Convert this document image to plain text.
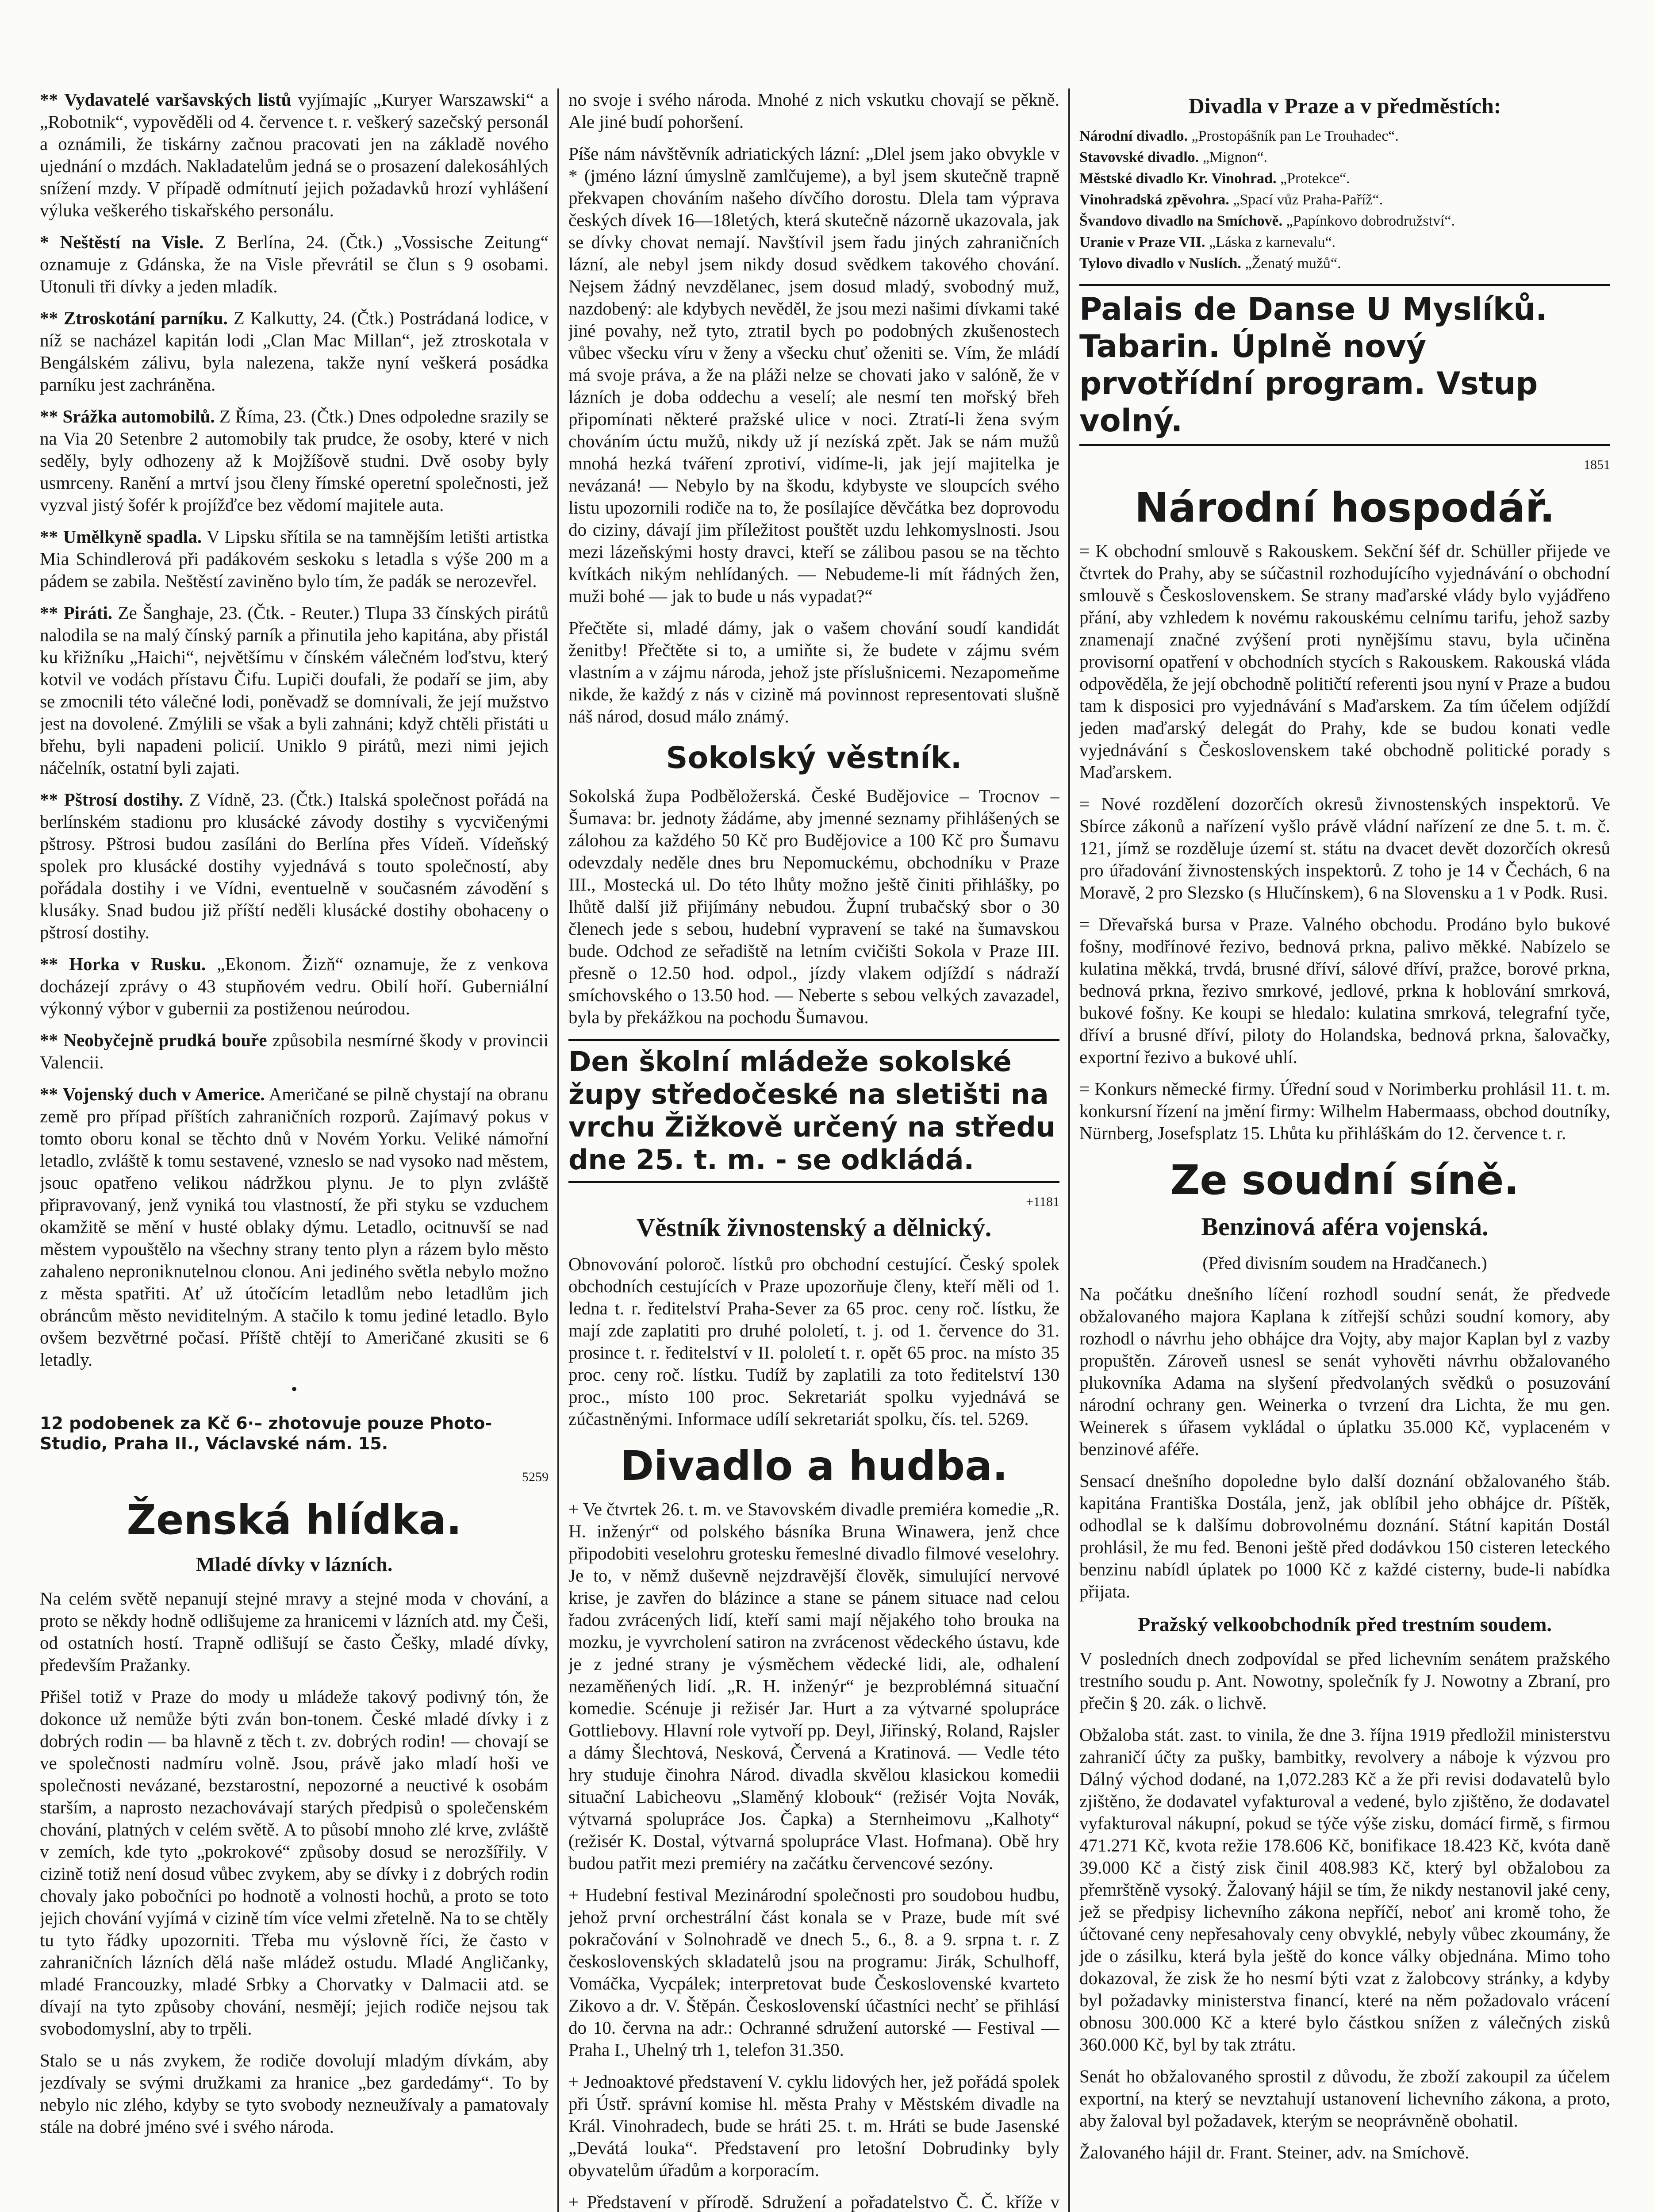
** Vydavatelé varšavských listů vyjímajíc „Kuryer Warszawski“ a „Robotnik“, vypověděli od 4. července t. r. veškerý sazečský personál a oznámili, že tiskárny začnou pracovati jen na základě nového ujednání o mzdách. Nakladatelům jedná se o prosazení dalekosáhlých snížení mzdy. V případě odmítnutí jejich požadavků hrozí vyhlášení výluka veškerého tiskařského personálu.

* Neštěstí na Visle. Z Berlína, 24. (Čtk.) „Vossische Zeitung“ oznamuje z Gdánska, že na Visle převrátil se člun s 9 osobami. Utonuli tři dívky a jeden mladík.

** Ztroskotání parníku. Z Kalkutty, 24. (Čtk.) Postrádaná lodice, v níž se nacházel kapitán lodi „Clan Mac Millan“, jež ztroskotala v Bengálském zálivu, byla nalezena, takže nyní veškerá posádka parníku jest zachráněna.

** Srážka automobilů. Z Říma, 23. (Čtk.) Dnes odpoledne srazily se na Via 20 Setenbre 2 automobily tak prudce, že osoby, které v nich seděly, byly odhozeny až k Mojžíšově studni. Dvě osoby byly usmrceny. Ranění a mrtví jsou členy římské operetní společnosti, jež vyzval jistý šofér k projížďce bez vědomí majitele auta.

** Umělkyně spadla. V Lipsku sřítila se na tamnějším letišti artistka Mia Schindlerová při padákovém seskoku s letadla s výše 200 m a pádem se zabila. Neštěstí zaviněno bylo tím, že padák se nerozevřel.

** Piráti. Ze Šanghaje, 23. (Čtk. - Reuter.) Tlupa 33 čínských pirátů nalodila se na malý čínský parník a přinutila jeho kapitána, aby přistál ku křižníku „Haichi“, největšímu v čínském válečném loďstvu, který kotvil ve vodách přístavu Čifu. Lupiči doufali, že podaří se jim, aby se zmocnili této válečné lodi, poněvadž se domnívali, že její mužstvo jest na dovolené. Zmýlili se však a byli zahnáni; když chtěli přistáti u břehu, byli napadeni policií. Uniklo 9 pirátů, mezi nimi jejich náčelník, ostatní byli zajati.

** Pštrosí dostihy. Z Vídně, 23. (Čtk.) Italská společnost pořádá na berlínském stadionu pro klusácké závody dostihy s vycvičenými pštrosy. Pštrosi budou zasíláni do Berlína přes Vídeň. Vídeňský spolek pro klusácké dostihy vyjednává s touto společností, aby pořádala dostihy i ve Vídni, eventuelně v současném závodění s klusáky. Snad budou již příští neděli klusácké dostihy obohaceny o pštrosí dostihy.

** Horka v Rusku. „Ekonom. Žizň“ oznamuje, že z venkova docházejí zprávy o 43 stupňovém vedru. Obilí hoří. Guberniální výkonný výbor v gubernii za postiženou neúrodou.

** Neobyčejně prudká bouře způsobila nesmírné škody v provincii Valencii.

** Vojenský duch v Americe. Američané se pilně chystají na obranu země pro případ příštích zahraničních rozporů. Zajímavý pokus v tomto oboru konal se těchto dnů v Novém Yorku. Veliké námořní letadlo, zvláště k tomu sestavené, vzneslo se nad vysoko nad městem, jsouc opatřeno velikou nádržkou plynu. Je to plyn zvláště připravovaný, jenž vyniká tou vlastností, že při styku se vzduchem okamžitě se mění v husté oblaky dýmu. Letadlo, ocitnuvší se nad městem vypouštělo na všechny strany tento plyn a rázem bylo město zahaleno neproniknutelnou clonou. Ani jediného světla nebylo možno z města spatřiti. Ať už útočícím letadlům nebo letadlům jich obráncům město neviditelným. A stačilo k tomu jediné letadlo. Bylo ovšem bezvětrné počasí. Příště chtějí to Američané zkusiti se 6 letadly.

•
12 podobenek za Kč 6·– zhotovuje pouze Photo-Studio, Praha II., Václavské nám. 15.
5259
Ženská hlídka.
Mladé dívky v lázních.

Na celém světě nepanují stejné mravy a stejné moda v chování, a proto se někdy hodně odlišujeme za hranicemi v lázních atd. my Češi, od ostatních hostí. Trapně odlišují se často Češky, mladé dívky, především Pražanky.

Přišel totiž v Praze do mody u mládeže takový podivný tón, že dokonce už nemůže býti zván bon-tonem. České mladé dívky i z dobrých rodin — ba hlavně z těch t. zv. dobrých rodin! — chovají se ve společnosti nadmíru volně. Jsou, právě jako mladí hoši ve společnosti nevázané, bezstarostní, nepozorné a neuctivé k osobám starším, a naprosto nezachovávají starých předpisů o společenském chování, platných v celém světě. A to působí mnoho zlé krve, zvláště v zemích, kde tyto „pokrokové“ způsoby dosud se nerozšířily. V cizině totiž není dosud vůbec zvykem, aby se dívky i z dobrých rodin chovaly jako pobočníci po hodnotě a volnosti hochů, a proto se toto jejich chování vyjímá v cizině tím více velmi zřetelně. Na to se chtěly tu tyto řádky upozorniti. Třeba mu výslovně říci, že často v zahraničních lázních dělá naše mládež ostudu. Mladé Angličanky, mladé Francouzky, mladé Srbky a Chorvatky v Dalmacii atd. se dívají na tyto způsoby chování, nesmějí; jejich rodiče nejsou tak svobodomyslní, aby to trpěli.

Stalo se u nás zvykem, že rodiče dovolují mladým dívkám, aby jezdívaly se svými družkami za hranice „bez gardedámy“. To by nebylo nic zlého, kdyby se tyto svobody nezneužívaly a pamatovaly stále na dobré jméno své i svého národa.

no svoje i svého národa. Mnohé z nich vskutku chovají se pěkně. Ale jiné budí pohoršení.

Píše nám návštěvník adriatických lázní: „Dlel jsem jako obvykle v * (jméno lázní úmyslně zamlčujeme), a byl jsem skutečně trapně překvapen chováním našeho dívčího dorostu. Dlela tam výprava českých dívek 16—18letých, která skutečně názorně ukazovala, jak se dívky chovat nemají. Navštívil jsem řadu jiných zahraničních lázní, ale nebyl jsem nikdy dosud svědkem takového chování. Nejsem žádný nevzdělanec, jsem dosud mladý, svobodný muž, nazdobený: ale kdybych nevěděl, že jsou mezi našimi dívkami také jiné povahy, než tyto, ztratil bych po podobných zkušenostech vůbec všecku víru v ženy a všecku chuť oženiti se. Vím, že mládí má svoje práva, a že na pláži nelze se chovati jako v salóně, že v lázních je doba oddechu a veselí; ale nesmí ten mořský břeh připomínati některé pražské ulice v noci. Ztratí-li žena svým chováním úctu mužů, nikdy už jí nezíská zpět. Jak se nám mužů mnohá hezká tváření zprotiví, vidíme-li, jak její majitelka je nevázaná! — Nebylo by na škodu, kdybyste ve sloupcích svého listu upozornili rodiče na to, že posílajíce děvčátka bez doprovodu do ciziny, dávají jim příležitost pouštět uzdu lehkomyslnosti. Jsou mezi lázeňskými hosty dravci, kteří se zálibou pasou se na těchto kvítkách nikým nehlídaných. — Nebudeme-li mít řádných žen, muži bohé — jak to bude u nás vypadat?“

Přečtěte si, mladé dámy, jak o vašem chování soudí kandidát ženitby! Přečtěte si to, a umiňte si, že budete v zájmu svém vlastním a v zájmu národa, jehož jste příslušnicemi. Nezapomeňme nikde, že každý z nás v cizině má povinnost representovati slušně náš národ, dosud málo známý.

Sokolský věstník.

Sokolská župa Podběložerská. České Budějovice – Trocnov – Šumava: br. jednoty žádáme, aby jmenné seznamy přihlášených se zálohou za každého 50 Kč pro Budějovice a 100 Kč pro Šumavu odevzdaly neděle dnes bru Nepomuckému, obchodníku v Praze III., Mostecká ul. Do této lhůty možno ještě činiti přihlášky, po lhůtě další již přijímány nebudou. Župní trubačský sbor o 30 členech jede s sebou, hudební vypravení se také na šumavskou bude. Odchod ze seřadiště na letním cvičišti Sokola v Praze III. přesně o 12.50 hod. odpol., jízdy vlakem odjíždí s nádraží smíchovského o 13.50 hod. — Neberte s sebou velkých zavazadel, byla by překážkou na pochodu Šumavou.

Den školní mládeže sokolské župy středočeské na sletišti na vrchu Žižkově určený na středu dne 25. t. m. - se odkládá.
+1181
Věstník živnostenský a dělnický.

Obnovování poloroč. lístků pro obchodní cestující. Český spolek obchodních cestujících v Praze upozorňuje členy, kteří měli od 1. ledna t. r. ředitelství Praha-Sever za 65 proc. ceny roč. lístku, že mají zde zaplatiti pro druhé pololetí, t. j. od 1. července do 31. prosince t. r. ředitelství v II. pololetí t. r. opět 65 proc. na místo 35 proc. ceny roč. lístku. Tudíž by zaplatili za toto ředitelství 130 proc., místo 100 proc. Sekretariát spolku vyjednává se zúčastněnými. Informace udílí sekretariát spolku, čís. tel. 5269.

Divadlo a hudba.

+ Ve čtvrtek 26. t. m. ve Stavovském divadle premiéra komedie „R. H. inženýr“ od polského básníka Bruna Winawera, jenž chce připodobiti veselohru grotesku řemeslné divadlo filmové veselohry. Je to, v němž duševně nejzdravější člověk, simulující nervové krise, je zavřen do blázince a stane se pánem situace nad celou řadou zvrácených lidí, kteří sami mají nějakého toho brouka na mozku, je vyvrcholení satiron na zvrácenost vědeckého ústavu, kde je z jedné strany je výsměchem vědecké lidi, ale, odhalení nezaměňených lidí. „R. H. inženýr“ je bezproblémná situační komedie. Scénuje ji režisér Jar. Hurt a za výtvarné spolupráce Gottliebovy. Hlavní role vytvoří pp. Deyl, Jiřinský, Roland, Rajsler a dámy Šlechtová, Nesková, Červená a Kratinová. — Vedle této hry studuje činohra Národ. divadla skvělou klasickou komedii situační Labicheovu „Slaměný klobouk“ (režisér Vojta Novák, výtvarná spolupráce Jos. Čapka) a Sternheimovu „Kalhoty“ (režisér K. Dostal, výtvarná spolupráce Vlast. Hofmana). Obě hry budou patřit mezi premiéry na začátku červencové sezóny.

+ Hudební festival Mezinárodní společnosti pro soudobou hudbu, jehož první orchestrální část konala se v Praze, bude mít své pokračování v Solnohradě ve dnech 5., 6., 8. a 9. srpna t. r. Z československých skladatelů jsou na programu: Jirák, Schulhoff, Vomáčka, Vycpálek; interpretovat bude Československé kvarteto Zikovo a dr. V. Štěpán. Československí účastníci nechť se přihlásí do 10. června na adr.: Ochranné sdružení autorské — Festival — Praha I., Uhelný trh 1, telefon 31.350.

+ Jednoaktové představení V. cyklu lidových her, jež pořádá spolek při Ústř. správní komise hl. města Prahy v Městském divadle na Král. Vinohradech, bude se hráti 25. t. m. Hráti se bude Jasenské „Devátá louka“. Představení pro letošní Dobrudinky byly obyvatelům úřadům a korporacím.

+ Představení v přírodě. Sdružení a pořadatelstvo Č. Č. kříže v

Divadla v Praze a v předměstích:

Národní divadlo. „Prostopášník pan Le Trouhadec“.

Stavovské divadlo. „Mignon“.

Městské divadlo Kr. Vinohrad. „Protekce“.

Vinohradská zpěvohra. „Spací vůz Praha-Paříž“.

Švandovo divadlo na Smíchově. „Papínkovo dobrodružství“.

Uranie v Praze VII. „Láska z karnevalu“.

Tylovo divadlo v Nuslích. „Ženatý mužů“.

Palais de Danse U Myslíků. Tabarin. Úplně nový prvotřídní program. Vstup volný.
1851
Národní hospodář.

= K obchodní smlouvě s Rakouskem. Sekční šéf dr. Schüller přijede ve čtvrtek do Prahy, aby se súčastnil rozhodujícího vyjednávání o obchodní smlouvě s Československem. Se strany maďarské vlády bylo vyjádřeno přání, aby vzhledem k novému rakouskému celnímu tarifu, jehož sazby znamenají značné zvýšení proti nynějšímu stavu, byla učiněna provisorní opatření v obchodních stycích s Rakouskem. Rakouská vláda odpověděla, že její obchodně političtí referenti jsou nyní v Praze a budou tam k disposici pro vyjednávání s Maďarskem. Za tím účelem odjíždí jeden maďarský delegát do Prahy, kde se budou konati vedle vyjednávání s Československem také obchodně politické porady s Maďarskem.

= Nové rozdělení dozorčích okresů živnostenských inspektorů. Ve Sbírce zákonů a nařízení vyšlo právě vládní nařízení ze dne 5. t. m. č. 121, jímž se rozděluje území st. státu na dvacet devět dozorčích okresů pro úřadování živnostenských inspektorů. Z toho je 14 v Čechách, 6 na Moravě, 2 pro Slezsko (s Hlučínskem), 6 na Slovensku a 1 v Podk. Rusi.

= Dřevařská bursa v Praze. Valného obchodu. Prodáno bylo bukové fošny, modřínové řezivo, bednová prkna, palivo měkké. Nabízelo se kulatina měkká, trvdá, brusné dříví, sálové dříví, pražce, borové prkna, bednová prkna, řezivo smrkové, jedlové, prkna k hoblování smrková, bukové fošny. Ke koupi se hledalo: kulatina smrková, telegrafní tyče, dříví a brusné dříví, piloty do Holandska, bednová prkna, šalovačky, exportní řezivo a bukové uhlí.

= Konkurs německé firmy. Úřední soud v Norimberku prohlásil 11. t. m. konkursní řízení na jmění firmy: Wilhelm Habermaass, obchod doutníky, Nürnberg, Josefsplatz 15. Lhůta ku přihláškám do 12. července t. r.

Ze soudní síně.
Benzinová aféra vojenská.
(Před divisním soudem na Hradčanech.)

Na počátku dnešního líčení rozhodl soudní senát, že předvede obžalovaného majora Kaplana k zítřejší schůzi soudní komory, aby rozhodl o návrhu jeho obhájce dra Vojty, aby major Kaplan byl z vazby propuštěn. Zároveň usnesl se senát vyhověti návrhu obžalovaného plukovníka Adama na slyšení předvolaných svědků o posuzování národní ochrany gen. Weinerka o tvrzení dra Lichta, že mu gen. Weinerek s úřasem vykládal o úplatku 35.000 Kč, vyplaceném v benzinové aféře.

Sensací dnešního dopoledne bylo další doznání obžalovaného štáb. kapitána Františka Dostála, jenž, jak oblíbil jeho obhájce dr. Píštěk, odhodlal se k dalšímu dobrovolnému doznání. Státní kapitán Dostál prohlásil, že mu fed. Benoni ještě před dodávkou 150 cisteren leteckého benzinu nabídl úplatek po 1000 Kč z každé cisterny, bude-li nabídka přijata.

Pražský velkoobchodník před trestním soudem.

V posledních dnech zodpovídal se před lichevním senátem pražského trestního soudu p. Ant. Nowotny, společník fy J. Nowotny a Zbraní, pro přečin § 20. zák. o lichvě.

Obžaloba stát. zast. to vinila, že dne 3. října 1919 předložil ministerstvu zahraničí účty za pušky, bambitky, revolvery a náboje k výzvou pro Dálný východ dodané, na 1,072.283 Kč a že při revisi dodavatelů bylo zjištěno, že dodavatel vyfakturoval a vedené, bylo zjištěno, že dodavatel vyfakturoval nákupní, pokud se týče výše zisku, domácí firmě, s firmou 471.271 Kč, kvota režie 178.606 Kč, bonifikace 18.423 Kč, kvóta daně 39.000 Kč a čistý zisk činil 408.983 Kč, který byl obžalobou za přemrštěně vysoký. Žalovaný hájil se tím, že nikdy nestanovil jaké ceny, jež se předpisy lichevního zákona nepříčí, neboť ani kromě toho, že účtované ceny nepřesahovaly ceny obvyklé, nebyly vůbec zkoumány, že jde o zásilku, která byla ještě do konce války objednána. Mimo toho dokazoval, že zisk že ho nesmí býti vzat z žalobcovy stránky, a kdyby byl požadavky ministerstva financí, které na něm požadovalo vrácení obnosu 300.000 Kč a které bylo částkou snížen z válečných zisků 360.000 Kč, byl by tak ztrátu.

Senát ho obžalovaného sprostil z důvodu, že zboží zakoupil za účelem exportní, na který se nevztahují ustanovení lichevního zákona, a proto, aby žaloval byl požadavek, kterým se neoprávněně obohatil.

Žalovaného hájil dr. Frant. Steiner, adv. na Smíchově.
